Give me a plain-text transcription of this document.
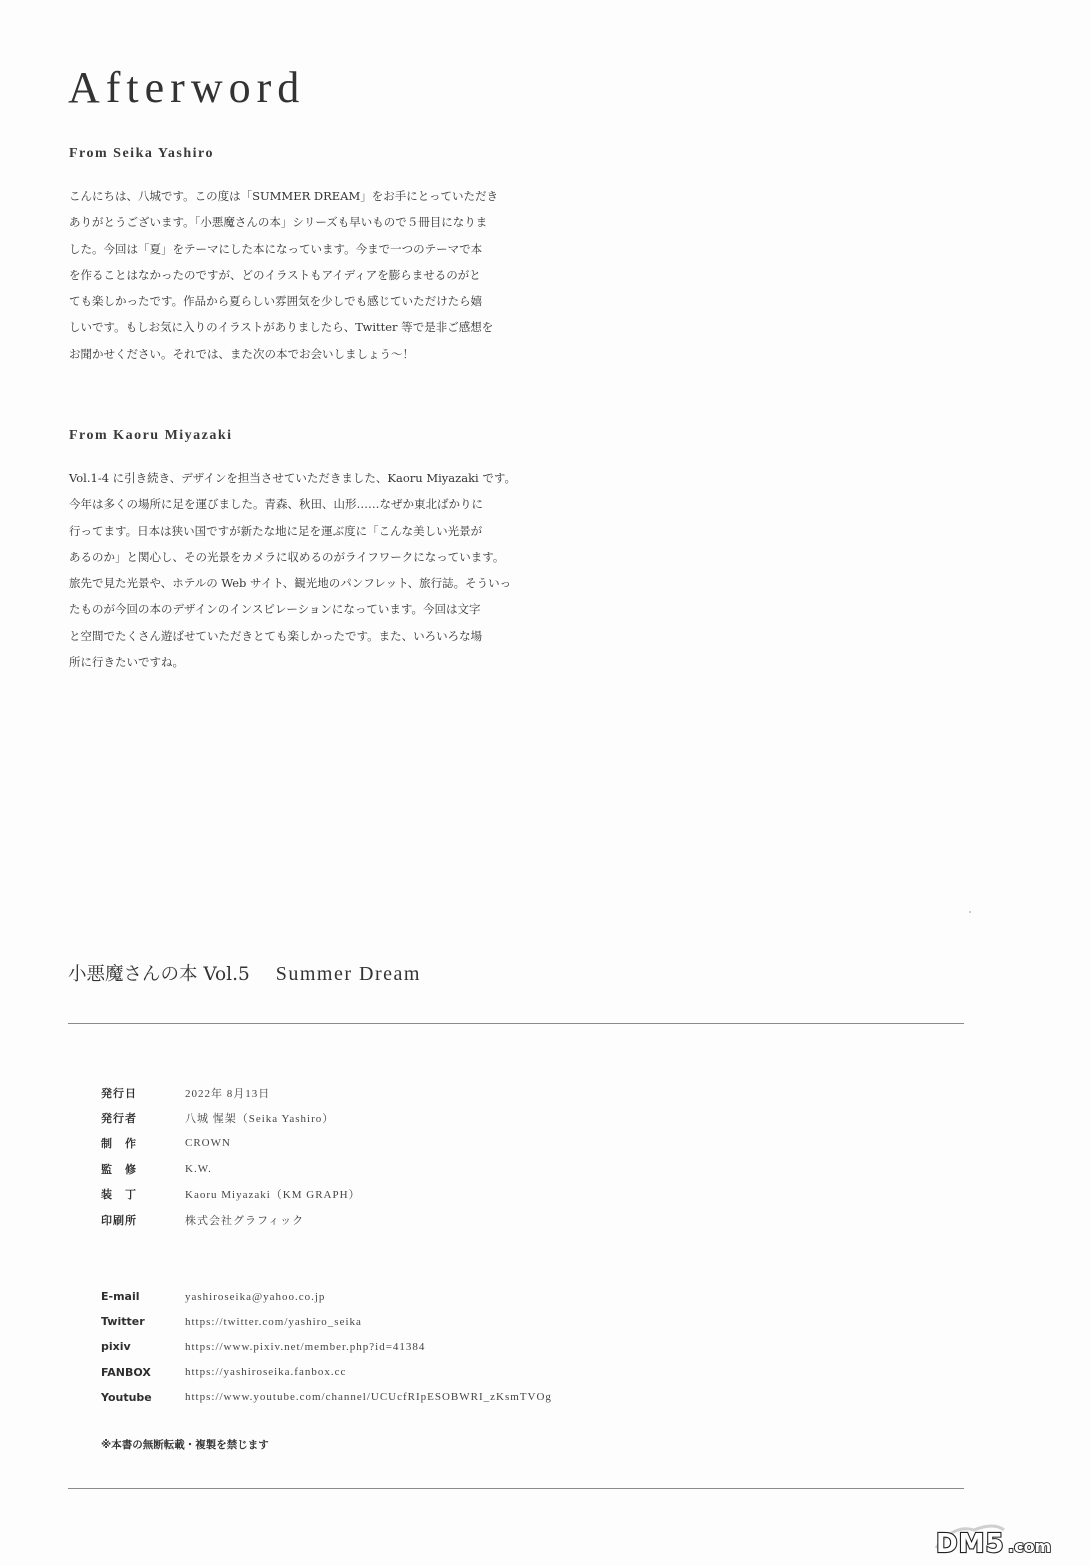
Afterword
From Seika Yashiro
こんにちは、八城です。この度は「SUMMER DREAM」をお手にとっていただき
ありがとうございます。「小悪魔さんの本」シリーズも早いもので５冊目になりま
した。今回は「夏」をテーマにした本になっています。今まで一つのテーマで本
を作ることはなかったのですが、どのイラストもアイディアを膨らませるのがと
ても楽しかったです。作品から夏らしい雰囲気を少しでも感じていただけたら嬉
しいです。もしお気に入りのイラストがありましたら、Twitter 等で是非ご感想を
お聞かせください。それでは、また次の本でお会いしましょう〜！
From Kaoru Miyazaki
Vol.1-4 に引き続き、デザインを担当させていただきました、Kaoru Miyazaki です。
今年は多くの場所に足を運びました。青森、秋田、山形……なぜか東北ばかりに
行ってます。日本は狭い国ですが新たな地に足を運ぶ度に「こんな美しい光景が
あるのか」と関心し、その光景をカメラに収めるのがライフワークになっています。
旅先で見た光景や、ホテルの Web サイト、観光地のパンフレット、旅行誌。そういっ
たものが今回の本のデザインのインスピレーションになっています。今回は文字
と空間でたくさん遊ばせていただきとても楽しかったです。また、いろいろな場
所に行きたいですね。
小悪魔さんの本 Vol.5 Summer Dream
発行日	2022年 8月13日
発行者	八城 惺架（Seika Yashiro）
制　作	CROWN
監　修	K.W.
装　丁	Kaoru Miyazaki（KM GRAPH）
印刷所	株式会社グラフィック
E-mail	yashiroseika@yahoo.co.jp
Twitter	https://twitter.com/yashiro_seika
pixiv	https://www.pixiv.net/member.php?id=41384
FANBOX	https://yashiroseika.fanbox.cc
Youtube	https://www.youtube.com/channel/UCUcfRIpESOBWRI_zKsmTVOg
※本書の無断転載・複製を禁じます
DM5 .com
